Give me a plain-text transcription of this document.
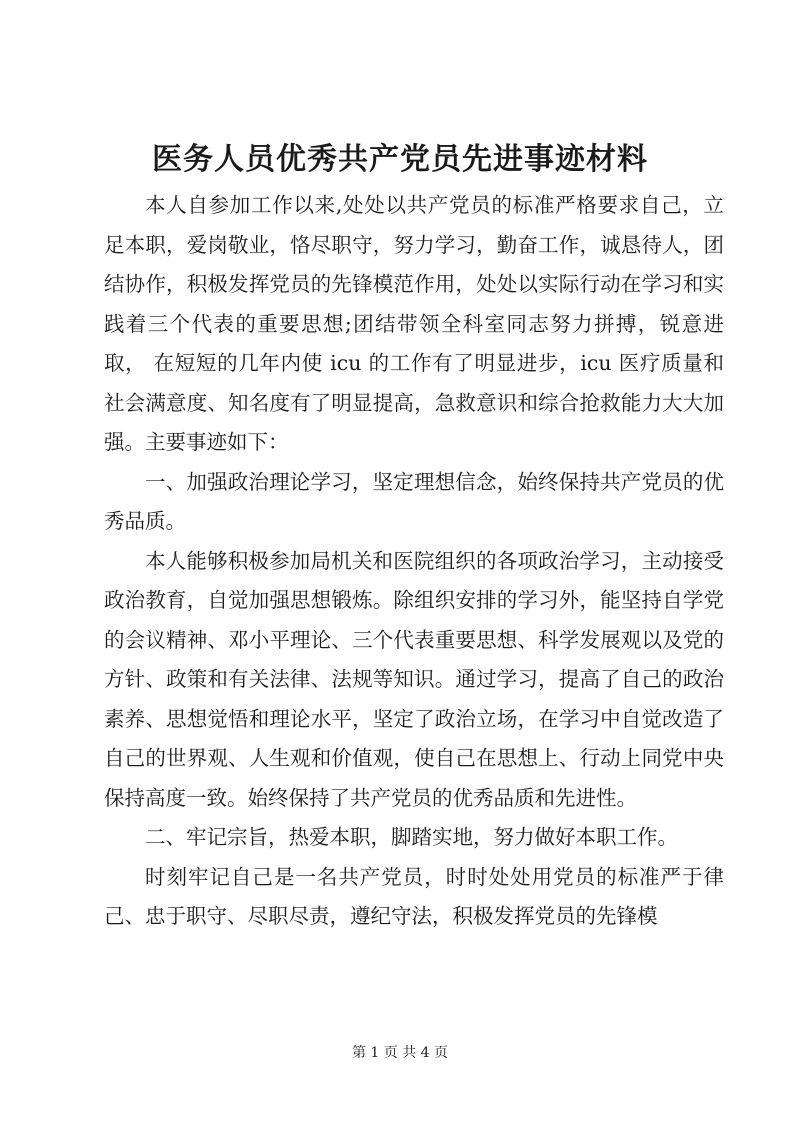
医务人员优秀共产党员先进事迹材料

本人自参加工作以来,处处以共产党员的标准严格要求自己，立足本职，爱岗敬业，恪尽职守，努力学习，勤奋工作，诚恳待人，团结协作，积极发挥党员的先锋模范作用，处处以实际行动在学习和实践着三个代表的重要思想;团结带领全科室同志努力拼搏，锐意进取， 在短短的几年内使 icu 的工作有了明显进步，icu 医疗质量和社会满意度、知名度有了明显提高，急救意识和综合抢救能力大大加强。主要事迹如下：

一、加强政治理论学习，坚定理想信念，始终保持共产党员的优秀品质。

本人能够积极参加局机关和医院组织的各项政治学习，主动接受政治教育，自觉加强思想锻炼。除组织安排的学习外，能坚持自学党的会议精神、邓小平理论、三个代表重要思想、科学发展观以及党的方针、政策和有关法律、法规等知识。通过学习，提高了自己的政治素养、思想觉悟和理论水平，坚定了政治立场，在学习中自觉改造了自己的世界观、人生观和价值观，使自己在思想上、行动上同党中央保持高度一致。始终保持了共产党员的优秀品质和先进性。

二、牢记宗旨，热爱本职，脚踏实地，努力做好本职工作。

时刻牢记自己是一名共产党员，时时处处用党员的标准严于律己、忠于职守、尽职尽责，遵纪守法，积极发挥党员的先锋模

第 1 页 共 4 页
